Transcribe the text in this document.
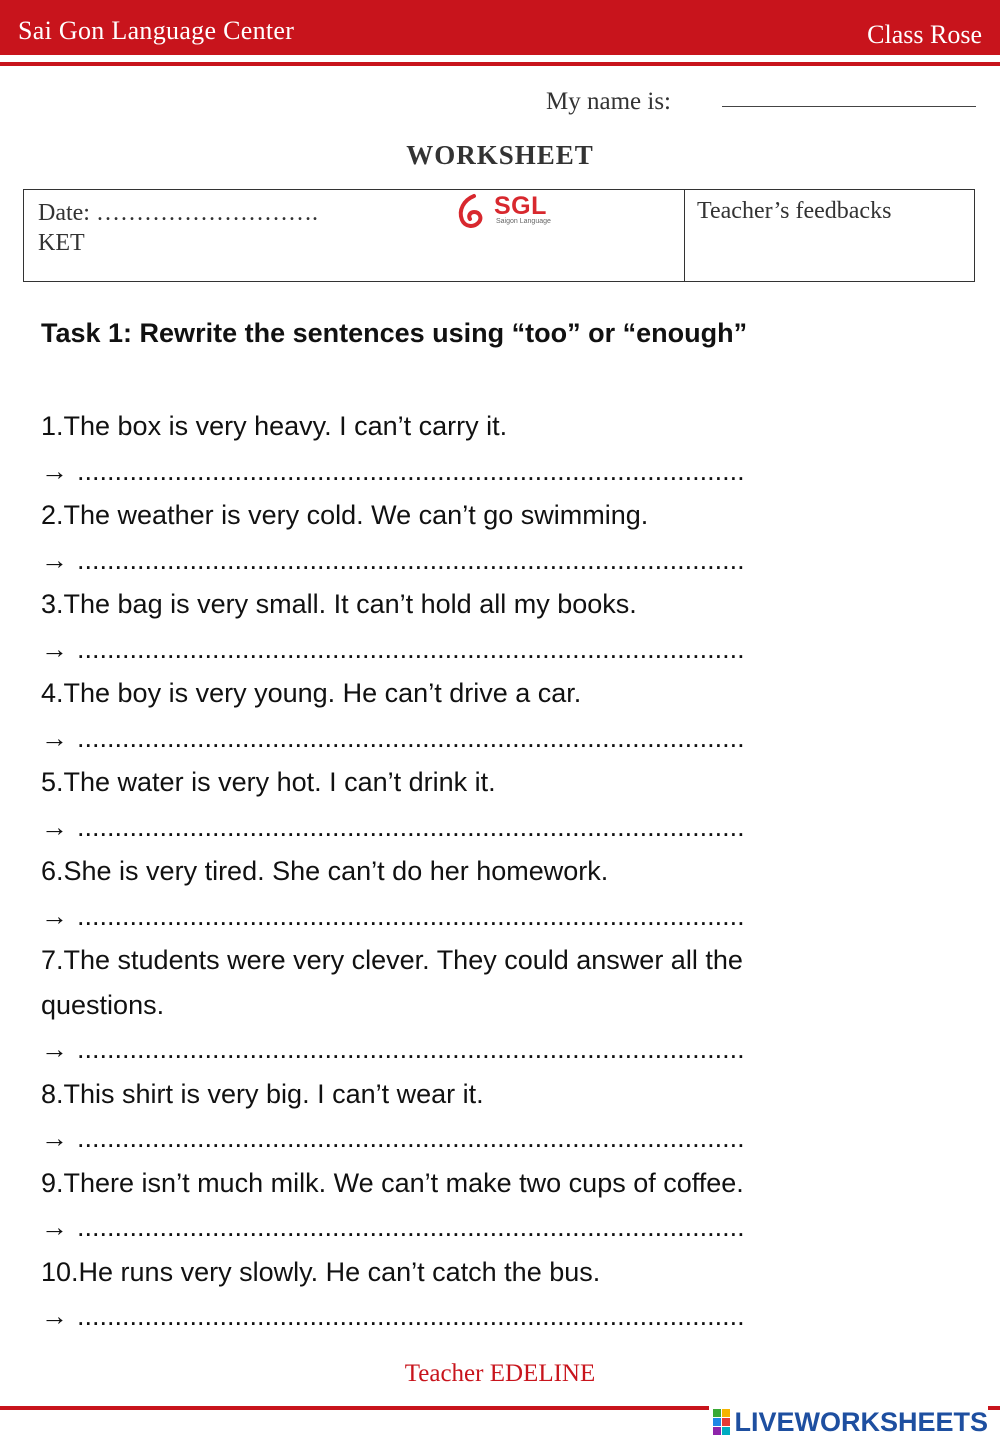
Sai Gon Language Center	Class Rose
My name is:
WORKSHEET
Date: ……………………….
KET
SGL
Saigon Language	Teacher’s feedbacks
Task 1: Rewrite the sentences using “too” or “enough”
1.The box is very heavy. I can’t carry it.
→ .........................................................................................
2.The weather is very cold. We can’t go swimming.
→ .........................................................................................
3.The bag is very small. It can’t hold all my books.
→ .........................................................................................
4.The boy is very young. He can’t drive a car.
→ .........................................................................................
5.The water is very hot. I can’t drink it.
→ .........................................................................................
6.She is very tired. She can’t do her homework.
→ .........................................................................................
7.The students were very clever. They could answer all the questions.
→ .........................................................................................
8.This shirt is very big. I can’t wear it.
→ .........................................................................................
9.There isn’t much milk. We can’t make two cups of coffee.
→ .........................................................................................
10.He runs very slowly. He can’t catch the bus.
→ .........................................................................................
Teacher EDELINE
LIVEWORKSHEETS
